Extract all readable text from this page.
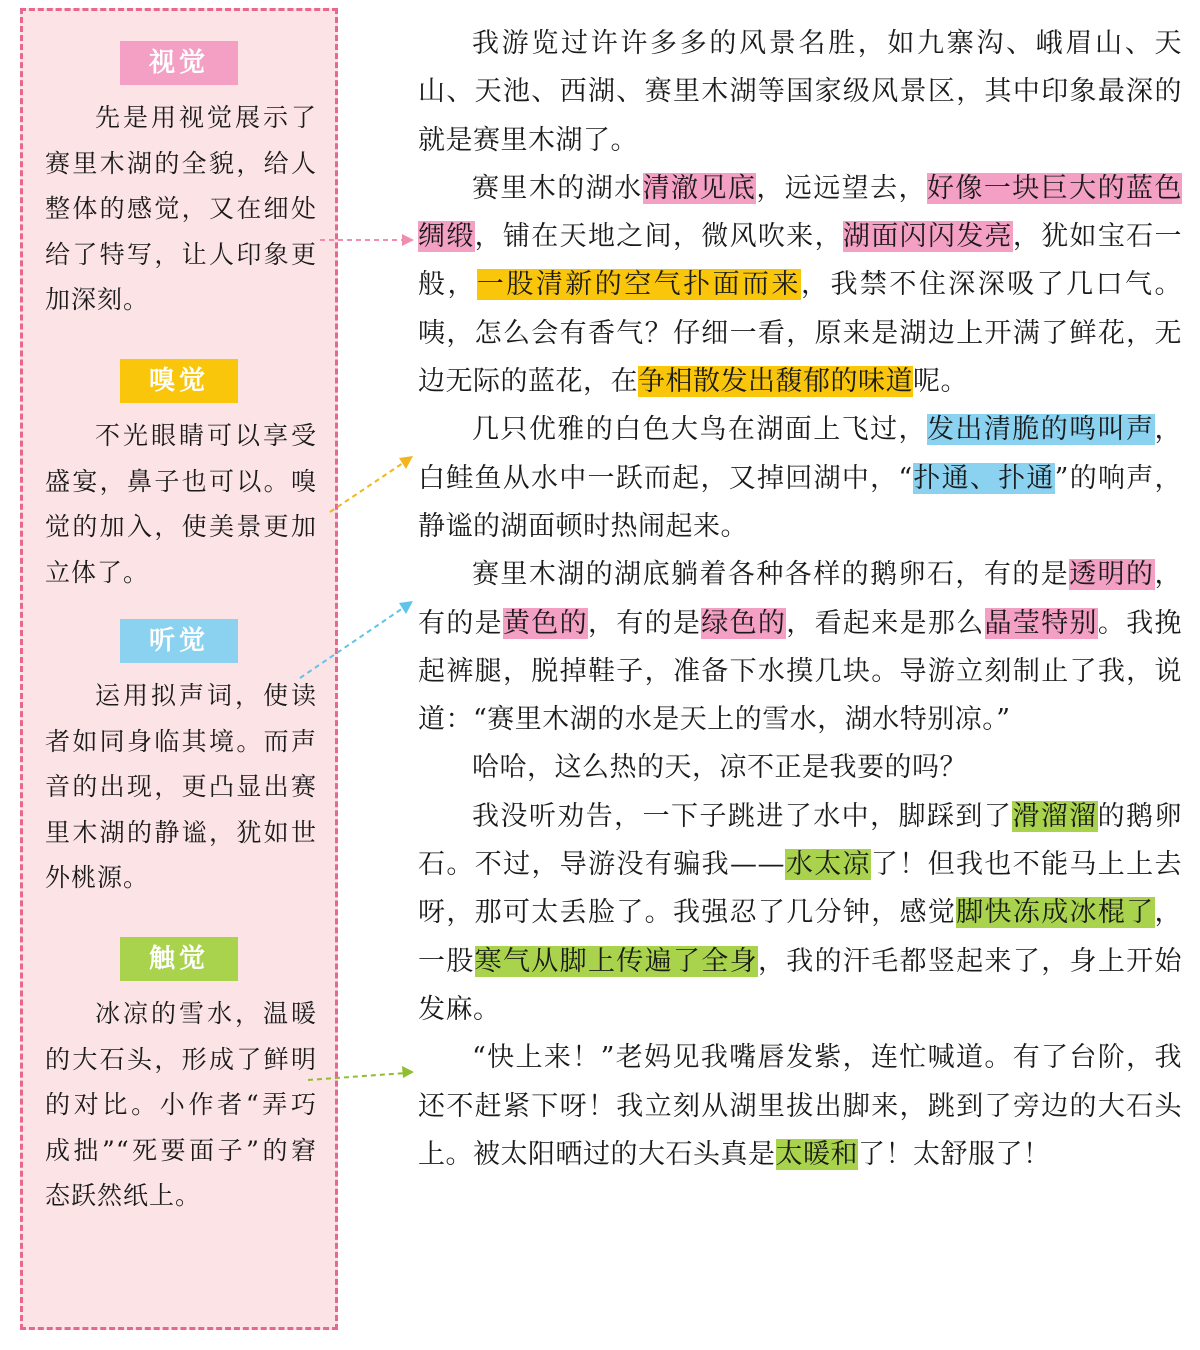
视觉
先是用视觉展示了赛里木湖的全貌，给人整体的感觉，又在细处给了特写，让人印象更加深刻。
嗅觉
不光眼睛可以享受盛宴，鼻子也可以。嗅觉的加入，使美景更加立体了。
听觉
运用拟声词，使读者如同身临其境。而声音的出现，更凸显出赛里木湖的静谧，犹如世外桃源。
触觉
冰凉的雪水，温暖的大石头，形成了鲜明的对比。小作者“弄巧成拙”“死要面子”的窘态跃然纸上。

我游览过许许多多的风景名胜，如九寨沟、峨眉山、天山、天池、西湖、赛里木湖等国家级风景区，其中印象最深的就是赛里木湖了。

赛里木的湖水清澈见底，远远望去，好像一块巨大的蓝色绸缎，铺在天地之间，微风吹来，湖面闪闪发亮，犹如宝石一般，一股清新的空气扑面而来，我禁不住深深吸了几口气。咦，怎么会有香气？仔细一看，原来是湖边上开满了鲜花，无边无际的蓝花，在争相散发出馥郁的味道呢。

几只优雅的白色大鸟在湖面上飞过，发出清脆的鸣叫声，白鲑鱼从水中一跃而起，又掉回湖中，“扑通、扑通”的响声，静谧的湖面顿时热闹起来。

赛里木湖的湖底躺着各种各样的鹅卵石，有的是透明的，有的是黄色的，有的是绿色的，看起来是那么晶莹特别。我挽起裤腿，脱掉鞋子，准备下水摸几块。导游立刻制止了我，说道：“赛里木湖的水是天上的雪水，湖水特别凉。”

哈哈，这么热的天，凉不正是我要的吗？

我没听劝告，一下子跳进了水中，脚踩到了滑溜溜的鹅卵石。不过，导游没有骗我——水太凉了！但我也不能马上上去呀，那可太丢脸了。我强忍了几分钟，感觉脚快冻成冰棍了，一股寒气从脚上传遍了全身，我的汗毛都竖起来了，身上开始发麻。

“快上来！”老妈见我嘴唇发紫，连忙喊道。有了台阶，我还不赶紧下呀！我立刻从湖里拔出脚来，跳到了旁边的大石头上。被太阳晒过的大石头真是太暖和了！太舒服了！
